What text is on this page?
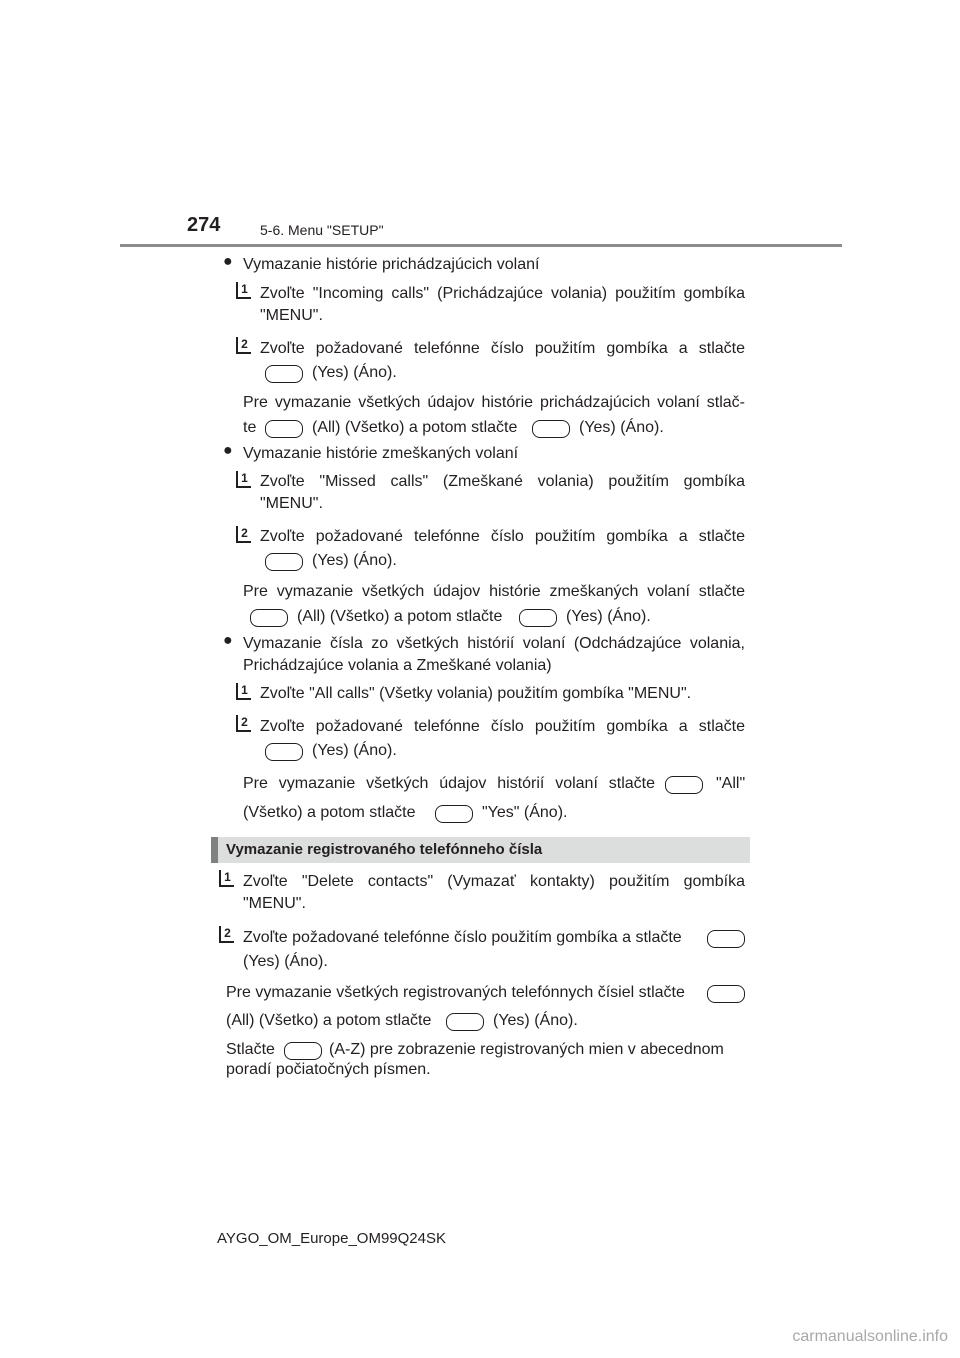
274	5-6. Menu "SETUP"
● Vymazanie histórie prichádzajúcich volaní
1 Zvoľte "Incoming calls" (Prichádzajúce volania) použitím gombíka
"MENU".
2 Zvoľte požadované telefónne číslo použitím gombíka a stlačte
(Yes) (Áno).
Pre vymazanie všetkých údajov histórie prichádzajúcich volaní stlač-
te	(All) (Všetko) a potom stlačte	(Yes) (Áno).
● Vymazanie histórie zmeškaných volaní
1 Zvoľte "Missed calls" (Zmeškané volania) použitím gombíka
"MENU".
2 Zvoľte požadované telefónne číslo použitím gombíka a stlačte
(Yes) (Áno).
Pre vymazanie všetkých údajov histórie zmeškaných volaní stlačte
(All) (Všetko) a potom stlačte	(Yes) (Áno).
● Vymazanie čísla zo všetkých histórií volaní (Odchádzajúce volania,
Prichádzajúce volania a Zmeškané volania)
1 Zvoľte "All calls" (Všetky volania) použitím gombíka "MENU".
2 Zvoľte požadované telefónne číslo použitím gombíka a stlačte
(Yes) (Áno).
Pre vymazanie všetkých údajov histórií volaní stlačte	"All"
(Všetko) a potom stlačte	"Yes" (Áno).
Vymazanie registrovaného telefónneho čísla
1 Zvoľte "Delete contacts" (Vymazať kontakty) použitím gombíka
"MENU".
2 Zvoľte požadované telefónne číslo použitím gombíka a stlačte
(Yes) (Áno).
Pre vymazanie všetkých registrovaných telefónnych čísiel stlačte
(All) (Všetko) a potom stlačte	(Yes) (Áno).
Stlačte	(A-Z) pre zobrazenie registrovaných mien v abecednom
poradí počiatočných písmen.
AYGO_OM_Europe_OM99Q24SK
carmanualsonline.info
